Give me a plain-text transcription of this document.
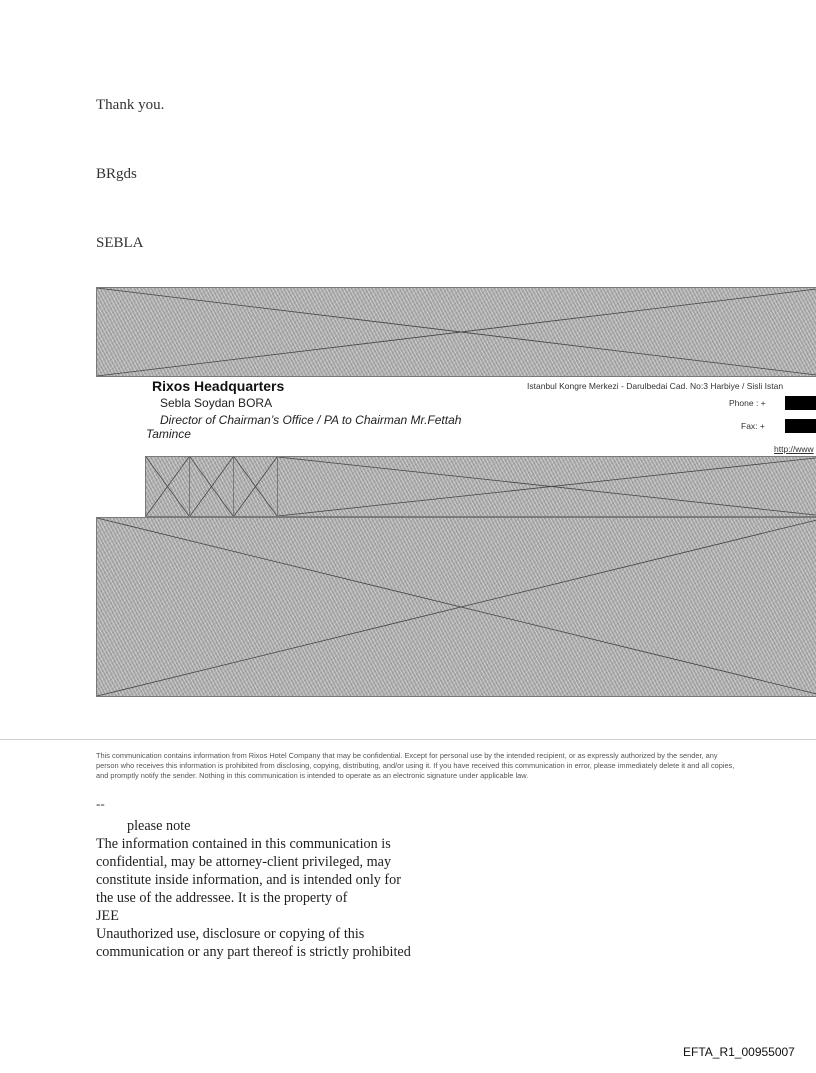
Thank you.
BRgds
SEBLA
Rixos Headquarters
Sebla Soydan BORA
Director of Chairman’s Office / PA to Chairman Mr.Fettah
Tamince
Istanbul Kongre Merkezi - Darulbedai Cad. No:3 Harbiye / Sisli Istan
Phone : +
Fax: +
http://www
This communication contains information from Rixos Hotel Company that may be confidential. Except for personal use by the intended recipient, or as expressly authorized by the sender, any person who receives this information is prohibited from disclosing, copying, distributing, and/or using it. If you have received this communication in error, please immediately delete it and all copies, and promptly notify the sender. Nothing in this communication is intended to operate as an electronic signature under applicable law.
--
please note
The information contained in this communication is
confidential, may be attorney-client privileged, may
constitute inside information, and is intended only for
the use of the addressee. It is the property of
JEE
Unauthorized use, disclosure or copying of this
communication or any part thereof is strictly prohibited
EFTA_R1_00955007
